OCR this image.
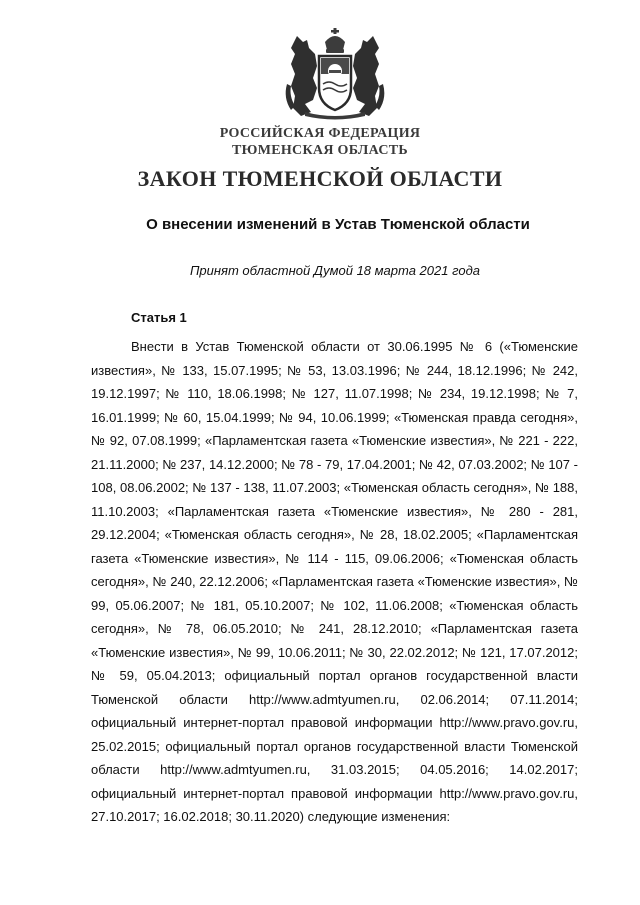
РОССИЙСКАЯ ФЕДЕРАЦИЯ
ТЮМЕНСКАЯ ОБЛАСТЬ
ЗАКОН ТЮМЕНСКОЙ ОБЛАСТИ
О внесении изменений в Устав Тюменской области
Принят областной Думой 18 марта 2021 года
Статья 1

Внести в Устав Тюменской области от 30.06.1995 № 6 («Тюменские известия», № 133, 15.07.1995; № 53, 13.03.1996; № 244, 18.12.1996; № 242, 19.12.1997; № 110, 18.06.1998; № 127, 11.07.1998; № 234, 19.12.1998; № 7, 16.01.1999; № 60, 15.04.1999; № 94, 10.06.1999; «Тюменская правда сегодня», № 92, 07.08.1999; «Парламентская газета «Тюменские известия», № 221 - 222, 21.11.2000; № 237, 14.12.2000; № 78 - 79, 17.04.2001; № 42, 07.03.2002; № 107 - 108, 08.06.2002; № 137 - 138, 11.07.2003; «Тюменская область сегодня», № 188, 11.10.2003; «Парламентская газета «Тюменские известия», № 280 - 281, 29.12.2004; «Тюменская область сегодня», № 28, 18.02.2005; «Парламентская газета «Тюменские известия», № 114 - 115, 09.06.2006; «Тюменская область сегодня», № 240, 22.12.2006; «Парламентская газета «Тюменские известия», № 99, 05.06.2007; № 181, 05.10.2007; № 102, 11.06.2008; «Тюменская область сегодня», № 78, 06.05.2010; № 241, 28.12.2010; «Парламентская газета «Тюменские известия», № 99, 10.06.2011; № 30, 22.02.2012; № 121, 17.07.2012; № 59, 05.04.2013; официальный портал органов государственной власти Тюменской области http://www.admtyumen.ru, 02.06.2014; 07.11.2014; официальный интернет-портал правовой информации http://www.pravo.gov.ru, 25.02.2015; официальный портал органов государственной власти Тюменской области http://www.admtyumen.ru, 31.03.2015; 04.05.2016; 14.02.2017; официальный интернет-портал правовой информации http://www.pravo.gov.ru, 27.10.2017; 16.02.2018; 30.11.2020) следующие изменения:
